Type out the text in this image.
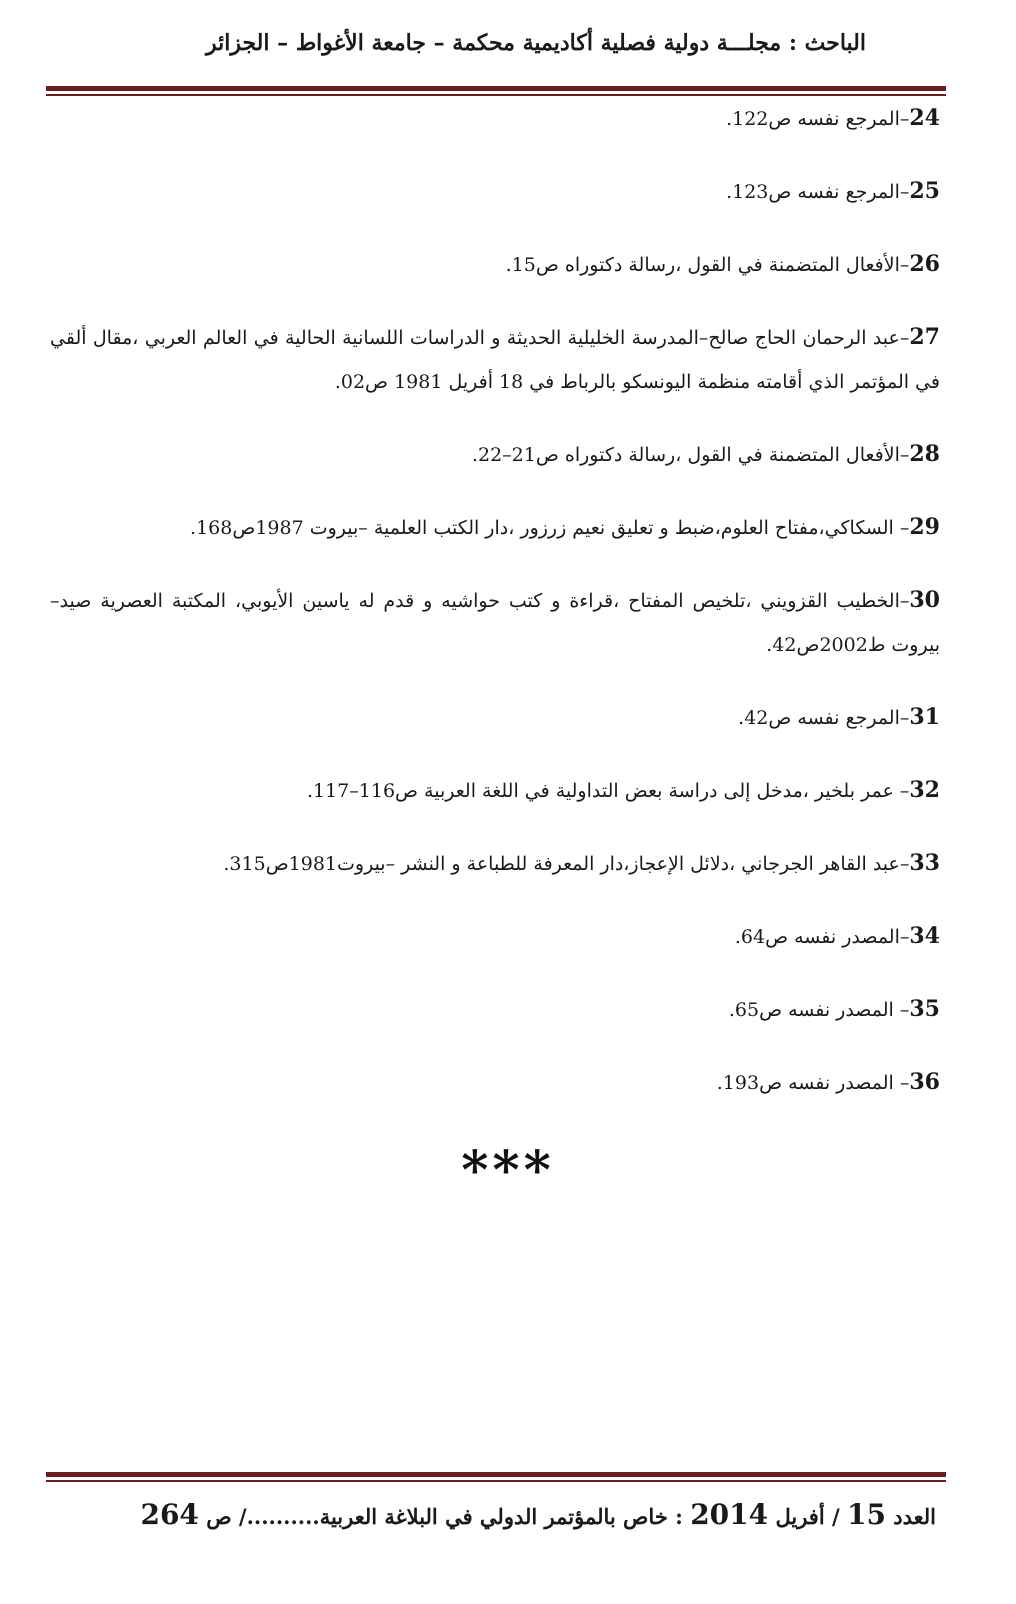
الباحث : مجلـــة دولية فصلية أكاديمية محكمة – جامعة الأغواط – الجزائر

24–المرجع نفسه ص122.

25–المرجع نفسه ص123.

26–الأفعال المتضمنة في القول ،رسالة دكتوراه ص15.

27–عبد الرحمان الحاج صالح–المدرسة الخليلية الحديثة و الدراسات اللسانية الحالية في العالم العربي ،مقال ألقي في المؤتمر الذي أقامته منظمة اليونسكو بالرباط في 18 أفريل 1981 ص02.

28–الأفعال المتضمنة في القول ،رسالة دكتوراه ص21–22.

29– السكاكي،مفتاح العلوم،ضبط و تعليق نعيم زرزور ،دار الكتب العلمية –بيروت 1987ص168.

30–الخطيب القزويني ،تلخيص المفتاح ،قراءة و كتب حواشيه و قدم له ياسين الأيوبي، المكتبة العصرية صيد–بيروت ط2002ص42.

31–المرجع نفسه ص42.

32– عمر بلخير ،مدخل إلى دراسة بعض التداولية في اللغة العربية ص116–117.

33–عبد القاهر الجرجاني ،دلائل الإعجاز،دار المعرفة للطباعة و النشر –بيروت1981ص315.

34–المصدر نفسه ص64.

35– المصدر نفسه ص65.

36– المصدر نفسه ص193.

***
العدد 15 / أفريل 2014 : خاص بالمؤتمر الدولي في البلاغة العربية........../ ص 264
